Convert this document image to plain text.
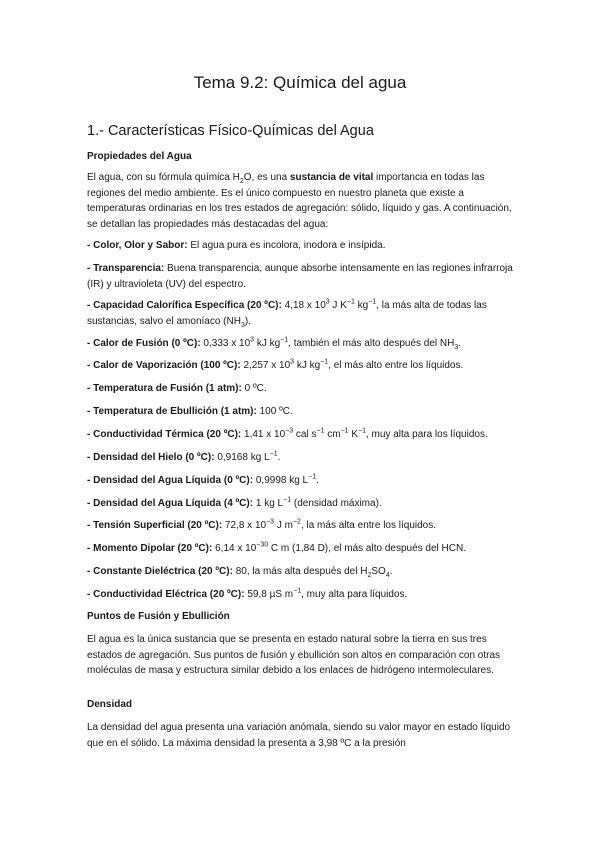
Tema 9.2: Química del agua
1.- Características Físico-Químicas del Agua
Propiedades del Agua

El agua, con su fórmula química $H_2O$, es una sustancia de vital importancia en todas las regiones del medio ambiente. Es el único compuesto en nuestro planeta que existe a temperaturas ordinarias en los tres estados de agregación: sólido, líquido y gas. A continuación, se detallan las propiedades más destacadas del agua:

- Color, Olor y Sabor: El agua pura es incolora, inodora e insípida.

- Transparencia: Buena transparencia, aunque absorbe intensamente en las regiones infrarroja (IR) y ultravioleta (UV) del espectro.

- Capacidad Calorífica Específica (20 ºC): 4,18 x $10^3$ J $K^{-1}$ $kg^{-1}$, la más alta de todas las sustancias, salvo el amoníaco $(NH_3)$.

- Calor de Fusión (0 ºC): 0,333 x $10^3$ kJ $kg^{-1}$, también el más alto después del $NH_3$.

- Calor de Vaporización (100 ºC): 2,257 x $10^3$ kJ $kg^{-1}$, el más alto entre los líquidos.

- Temperatura de Fusión (1 atm): 0 ºC.

- Temperatura de Ebullición (1 atm): 100 ºC.

- Conductividad Térmica (20 ºC): 1,41 x $10^{-3}$ cal $s^{-1}$ $cm^{-1}$ $K^{-1}$, muy alta para los líquidos.

- Densidad del Hielo (0 ºC): 0,9168 kg $L^{-1}$.

- Densidad del Agua Líquida (0 ºC): 0,9998 kg $L^{-1}$.

- Densidad del Agua Líquida (4 ºC): 1 kg $L^{-1}$ (densidad máxima).

- Tensión Superficial (20 ºC): 72,8 x $10^{-3}$ J $m^{-2}$, la más alta entre los líquidos.

- Momento Dipolar (20 ºC): 6,14 x $10^{-30}$ C m (1,84 D), el más alto después del HCN.

- Constante Dieléctrica (20 ºC): 80, la más alta después del $H_2SO_4$.

- Conductividad Eléctrica (20 ºC): 59,8 µS $m^{-1}$, muy alta para líquidos.

Puntos de Fusión y Ebullición

El agua es la única sustancia que se presenta en estado natural sobre la tierra en sus tres estados de agregación. Sus puntos de fusión y ebullición son altos en comparación con otras moléculas de masa y estructura similar debido a los enlaces de hidrógeno intermoleculares.

Densidad

La densidad del agua presenta una variación anómala, siendo su valor mayor en estado líquido que en el sólido. La máxima densidad la presenta a 3,98 ºC a la presión
